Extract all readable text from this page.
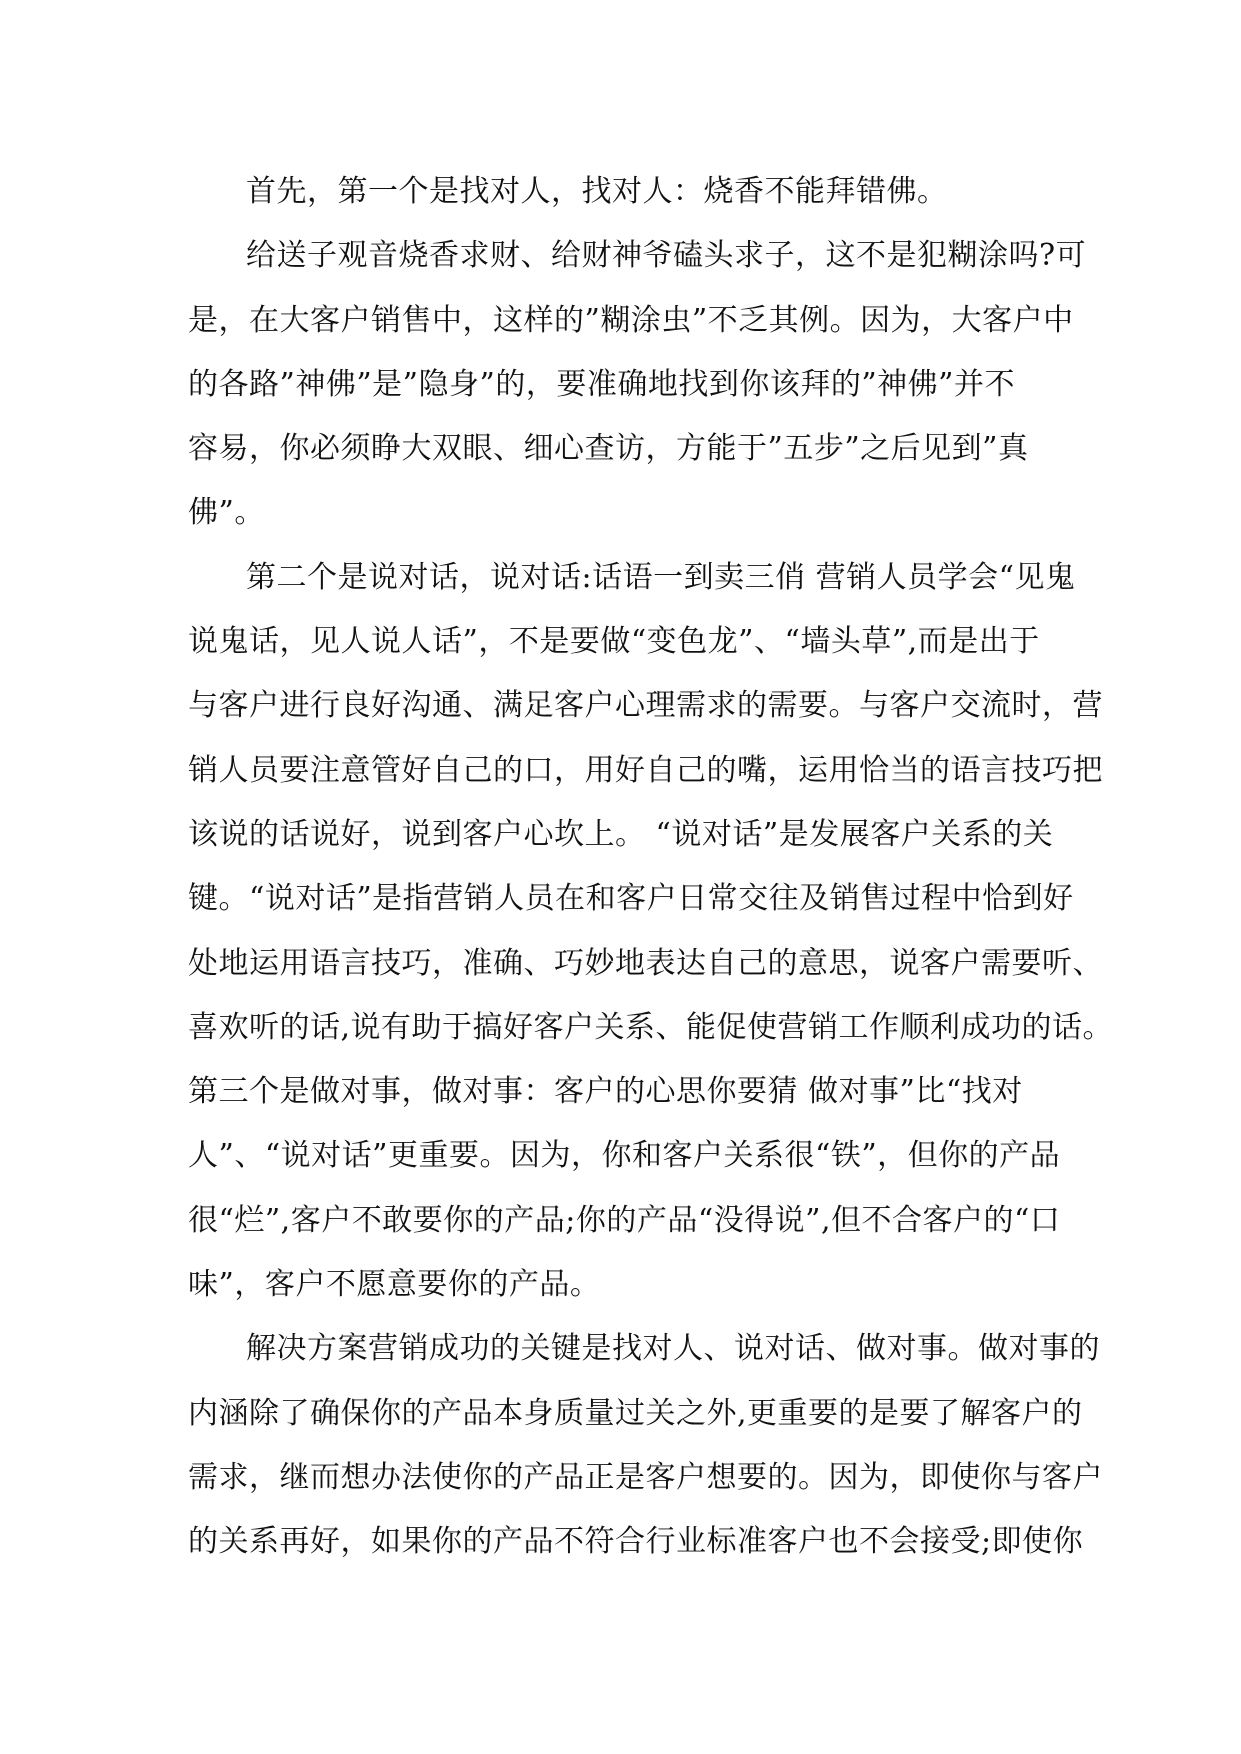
首先，第一个是找对人，找对人：烧香不能拜错佛。
给送子观音烧香求财、给财神爷磕头求子，这不是犯糊涂吗?可
是，在大客户销售中，这样的”糊涂虫”不乏其例。因为，大客户中
的各路”神佛”是”隐身”的，要准确地找到你该拜的”神佛”并不
容易，你必须睁大双眼、细心查访，方能于”五步”之后见到”真
佛”。
第二个是说对话，说对话:话语一到卖三俏 营销人员学会“见鬼
说鬼话，见人说人话”，不是要做“变色龙”、“墙头草”,而是出于
与客户进行良好沟通、满足客户心理需求的需要。与客户交流时，营
销人员要注意管好自己的口，用好自己的嘴，运用恰当的语言技巧把
该说的话说好，说到客户心坎上。 “说对话”是发展客户关系的关
键。“说对话”是指营销人员在和客户日常交往及销售过程中恰到好
处地运用语言技巧，准确、巧妙地表达自己的意思，说客户需要听、
喜欢听的话,说有助于搞好客户关系、能促使营销工作顺利成功的话。
第三个是做对事，做对事：客户的心思你要猜 做对事”比“找对
人”、“说对话”更重要。因为，你和客户关系很“铁”，但你的产品
很“烂”,客户不敢要你的产品;你的产品“没得说”,但不合客户的“口
味”，客户不愿意要你的产品。
解决方案营销成功的关键是找对人、说对话、做对事。做对事的
内涵除了确保你的产品本身质量过关之外,更重要的是要了解客户的
需求，继而想办法使你的产品正是客户想要的。因为，即使你与客户
的关系再好，如果你的产品不符合行业标准客户也不会接受;即使你
